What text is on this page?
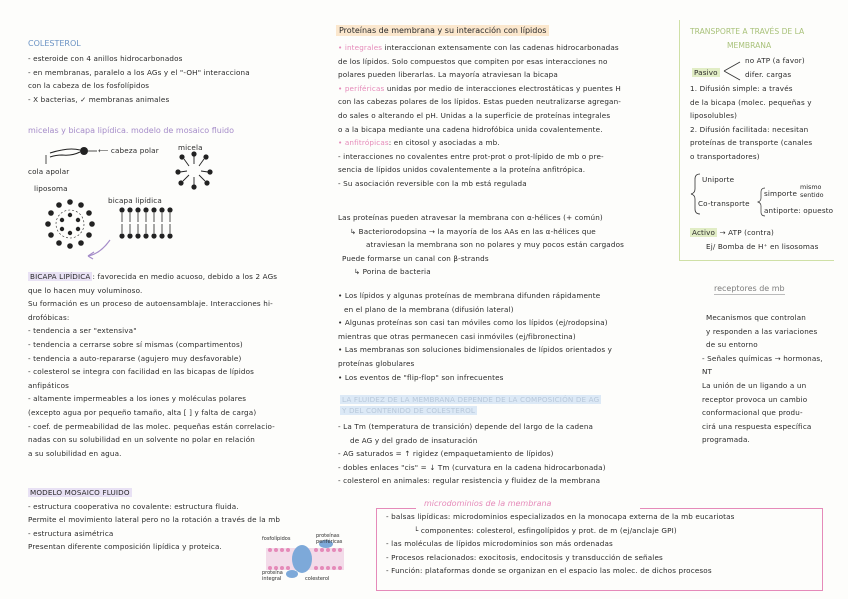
COLESTEROL
- esteroide con 4 anillos hidrocarbonados
- en membranas, paralelo a los AGs y el "-OH" interacciona
con la cabeza de los fosfolípidos
- X bacterias, ✓ membranas animales
micelas y bicapa lipídica. modelo de mosaico fluido
⟵ cabeza polar
cola apolar
micela
liposoma
bicapa lipídica
BICAPA LIPÍDICA : favorecida en medio acuoso, debido a los 2 AGs
que lo hacen muy voluminoso.
Su formación es un proceso de autoensamblaje. Interacciones hi-
drofóbicas:
- tendencia a ser "extensiva"
- tendencia a cerrarse sobre sí mismas (compartimentos)
- tendencia a auto-repararse (agujero muy desfavorable)
- colesterol se integra con facilidad en las bicapas de lípidos
anfipáticos
- altamente impermeables a los iones y moléculas polares
(excepto agua por pequeño tamaño, alta [ ] y falta de carga)
- coef. de permeabilidad de las molec. pequeñas están correlacio-
nadas con su solubilidad en un solvente no polar en relación
a su solubilidad en agua.
MODELO MOSAICO FLUIDO
- estructura cooperativa no covalente: estructura fluida.
Permite el movimiento lateral pero no la rotación a través de la mb
- estructura asimétrica
Presentan diferente composición lipídica y proteica.
fosfolípidos	proteínas periféricas
proteína integral	colesterol
Proteínas de membrana y su interacción con lípidos
• integrales interaccionan extensamente con las cadenas hidrocarbonadas
de los lípidos. Solo compuestos que compiten por esas interacciones no
polares pueden liberarlas. La mayoría atraviesan la bicapa
• periféricas unidas por medio de interacciones electrostáticas y puentes H
con las cabezas polares de los lípidos. Estas pueden neutralizarse agregan-
do sales o alterando el pH. Unidas a la superficie de proteínas integrales
o a la bicapa mediante una cadena hidrofóbica unida covalentemente.
• anfitrópicas: en citosol y asociadas a mb.
- interacciones no covalentes entre prot-prot o prot-lípido de mb o pre-
sencia de lípidos unidos covalentemente a la proteína anfitrópica.
- Su asociación reversible con la mb está regulada
Las proteínas pueden atravesar la membrana con α-hélices (+ común)
↳ Bacteriorodopsina → la mayoría de los AAs en las α-hélices que
atraviesan la membrana son no polares y muy pocos están cargados
Puede formarse un canal con β-strands
↳ Porina de bacteria
• Los lípidos y algunas proteínas de membrana difunden rápidamente
en el plano de la membrana (difusión lateral)
• Algunas proteínas son casi tan móviles como los lípidos (ej/rodopsina)
mientras que otras permanecen casi inmóviles (ej/fibronectina)
• Las membranas son soluciones bidimensionales de lípidos orientados y
proteínas globulares
• Los eventos de "flip-flop" son infrecuentes
LA FLUIDEZ DE LA MEMBRANA DEPENDE DE LA COMPOSICIÓN DE AG
Y DEL CONTENIDO DE COLESTEROL
- La Tm (temperatura de transición) depende del largo de la cadena
de AG y del grado de insaturación
- AG saturados = ↑ rigidez (empaquetamiento de lípidos)
- dobles enlaces "cis" = ↓ Tm (curvatura en la cadena hidrocarbonada)
- colesterol en animales: regular resistencia y fluidez de la membrana
microdominios de la membrana
- balsas lipídicas: microdominios especializados en la monocapa externa de la mb eucariotas
└ componentes: colesterol, esfingolípidos y prot. de m (ej/anclaje GPI)
- las moléculas de lípidos microdominios son más ordenadas
- Procesos relacionados: exocitosis, endocitosis y transducción de señales
- Función: plataformas donde se organizan en el espacio las molec. de dichos procesos
TRANSPORTE A TRAVÉS DE LA
MEMBRANA
Pasivo
no ATP (a favor)
difer. cargas
1. Difusión simple: a través
de la bicapa (molec. pequeñas y
liposolubles)
2. Difusión facilitada: necesitan
proteínas de transporte (canales
o transportadores)
Uniporte
Co-transporte
simporte
mismo sentido
antiporte: opuesto
Activo → ATP (contra)
Ej/ Bomba de H⁺ en lisosomas
receptores de mb
Mecanismos que controlan
y responden a las variaciones
de su entorno
- Señales químicas → hormonas,
NT
La unión de un ligando a un
receptor provoca un cambio
conformacional que produ-
cirá una respuesta específica
programada.
